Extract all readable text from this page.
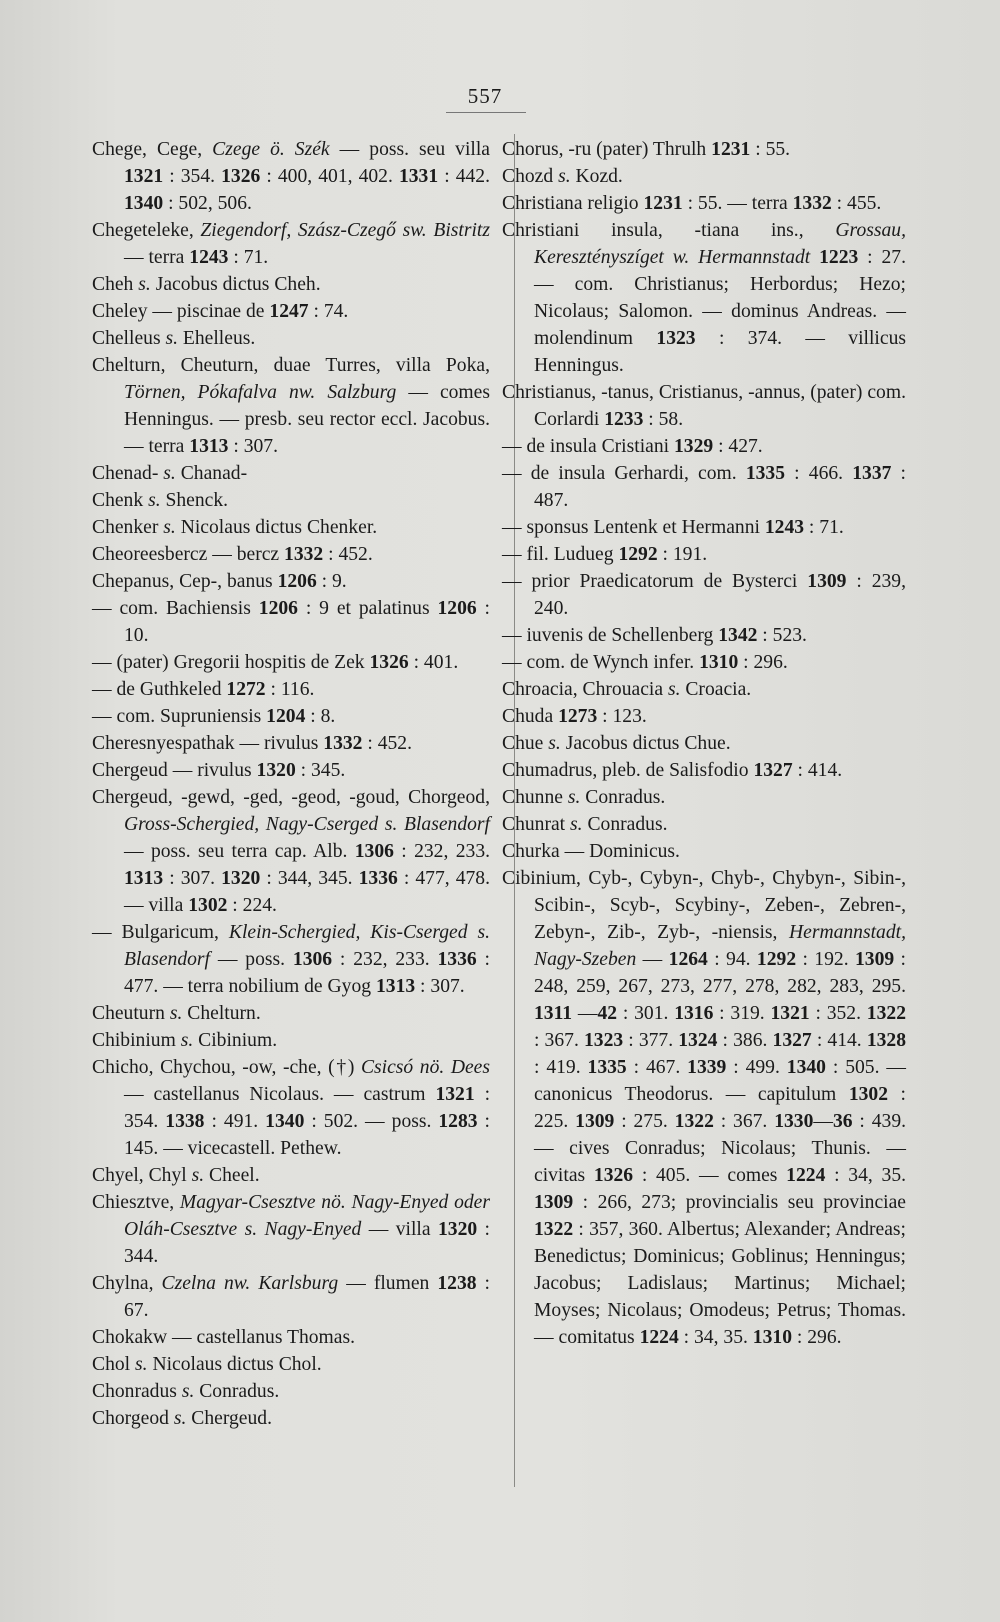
557
Chege, Cege, Czege ö. Szék — poss. seu villa 1321 : 354. 1326 : 400, 401, 402. 1331 : 442. 1340 : 502, 506.
Chegeteleke, Ziegendorf, Szász-Czegő sw. Bistritz — terra 1243 : 71.
Cheh s. Jacobus dictus Cheh.
Cheley — piscinae de 1247 : 74.
Chelleus s. Ehelleus.
Chelturn, Cheuturn, duae Turres, villa Poka, Törnen, Pókafalva nw. Salzburg — comes Henningus. — presb. seu rector eccl. Jacobus. — terra 1313 : 307.
Chenad- s. Chanad-
Chenk s. Shenck.
Chenker s. Nicolaus dictus Chenker.
Cheoreesbercz — bercz 1332 : 452.
Chepanus, Cep-, banus 1206 : 9.
— com. Bachiensis 1206 : 9 et palatinus 1206 : 10.
— (pater) Gregorii hospitis de Zek 1326 : 401.
— de Guthkeled 1272 : 116.
— com. Supruniensis 1204 : 8.
Cheresnyespathak — rivulus 1332 : 452.
Chergeud — rivulus 1320 : 345.
Chergeud, -gewd, -ged, -geod, -goud, Chorgeod, Gross-Schergied, Nagy-Cserged s. Blasendorf — poss. seu terra cap. Alb. 1306 : 232, 233. 1313 : 307. 1320 : 344, 345. 1336 : 477, 478. — villa 1302 : 224.
— Bulgaricum, Klein-Schergied, Kis-Cserged s. Blasendorf — poss. 1306 : 232, 233. 1336 : 477. — terra nobilium de Gyog 1313 : 307.
Cheuturn s. Chelturn.
Chibinium s. Cibinium.
Chicho, Chychou, -ow, -che, (†) Csicsó nö. Dees — castellanus Nicolaus. — castrum 1321 : 354. 1338 : 491. 1340 : 502. — poss. 1283 : 145. — vicecastell. Pethew.
Chyel, Chyl s. Cheel.
Chiesztve, Magyar-Csesztve nö. Nagy-Enyed oder Oláh-Csesztve s. Nagy-Enyed — villa 1320 : 344.
Chylna, Czelna nw. Karlsburg — flumen 1238 : 67.
Chokakw — castellanus Thomas.
Chol s. Nicolaus dictus Chol.
Chonradus s. Conradus.
Chorgeod s. Chergeud.
Chorus, -ru (pater) Thrulh 1231 : 55.
Chozd s. Kozd.
Christiana religio 1231 : 55. — terra 1332 : 455.
Christiani insula, -tiana ins., Grossau, Keresztényszíget w. Hermannstadt 1223 : 27. — com. Christianus; Herbordus; Hezo; Nicolaus; Salomon. — dominus Andreas. — molendinum 1323 : 374. — villicus Henningus.
Christianus, -tanus, Cristianus, -annus, (pater) com. Corlardi 1233 : 58.
— de insula Cristiani 1329 : 427.
— de insula Gerhardi, com. 1335 : 466. 1337 : 487.
— sponsus Lentenk et Hermanni 1243 : 71.
— fil. Ludueg 1292 : 191.
— prior Praedicatorum de Bysterci 1309 : 239, 240.
— iuvenis de Schellenberg 1342 : 523.
— com. de Wynch infer. 1310 : 296.
Chroacia, Chrouacia s. Croacia.
Chuda 1273 : 123.
Chue s. Jacobus dictus Chue.
Chumadrus, pleb. de Salisfodio 1327 : 414.
Chunne s. Conradus.
Chunrat s. Conradus.
Churka — Dominicus.
Cibinium, Cyb-, Cybyn-, Chyb-, Chybyn-, Sibin-, Scibin-, Scyb-, Scybiny-, Zeben-, Zebren-, Zebyn-, Zib-, Zyb-, -niensis, Hermannstadt, Nagy-Szeben — 1264 : 94. 1292 : 192. 1309 : 248, 259, 267, 273, 277, 278, 282, 283, 295. 1311 —42 : 301. 1316 : 319. 1321 : 352. 1322 : 367. 1323 : 377. 1324 : 386. 1327 : 414. 1328 : 419. 1335 : 467. 1339 : 499. 1340 : 505. — canonicus Theodorus. — capitulum 1302 : 225. 1309 : 275. 1322 : 367. 1330—36 : 439. — cives Conradus; Nicolaus; Thunis. — civitas 1326 : 405. — comes 1224 : 34, 35. 1309 : 266, 273; provincialis seu provinciae 1322 : 357, 360. Albertus; Alexander; Andreas; Benedictus; Dominicus; Goblinus; Henningus; Jacobus; Ladislaus; Martinus; Michael; Moyses; Nicolaus; Omodeus; Petrus; Thomas. — comitatus 1224 : 34, 35. 1310 : 296.
